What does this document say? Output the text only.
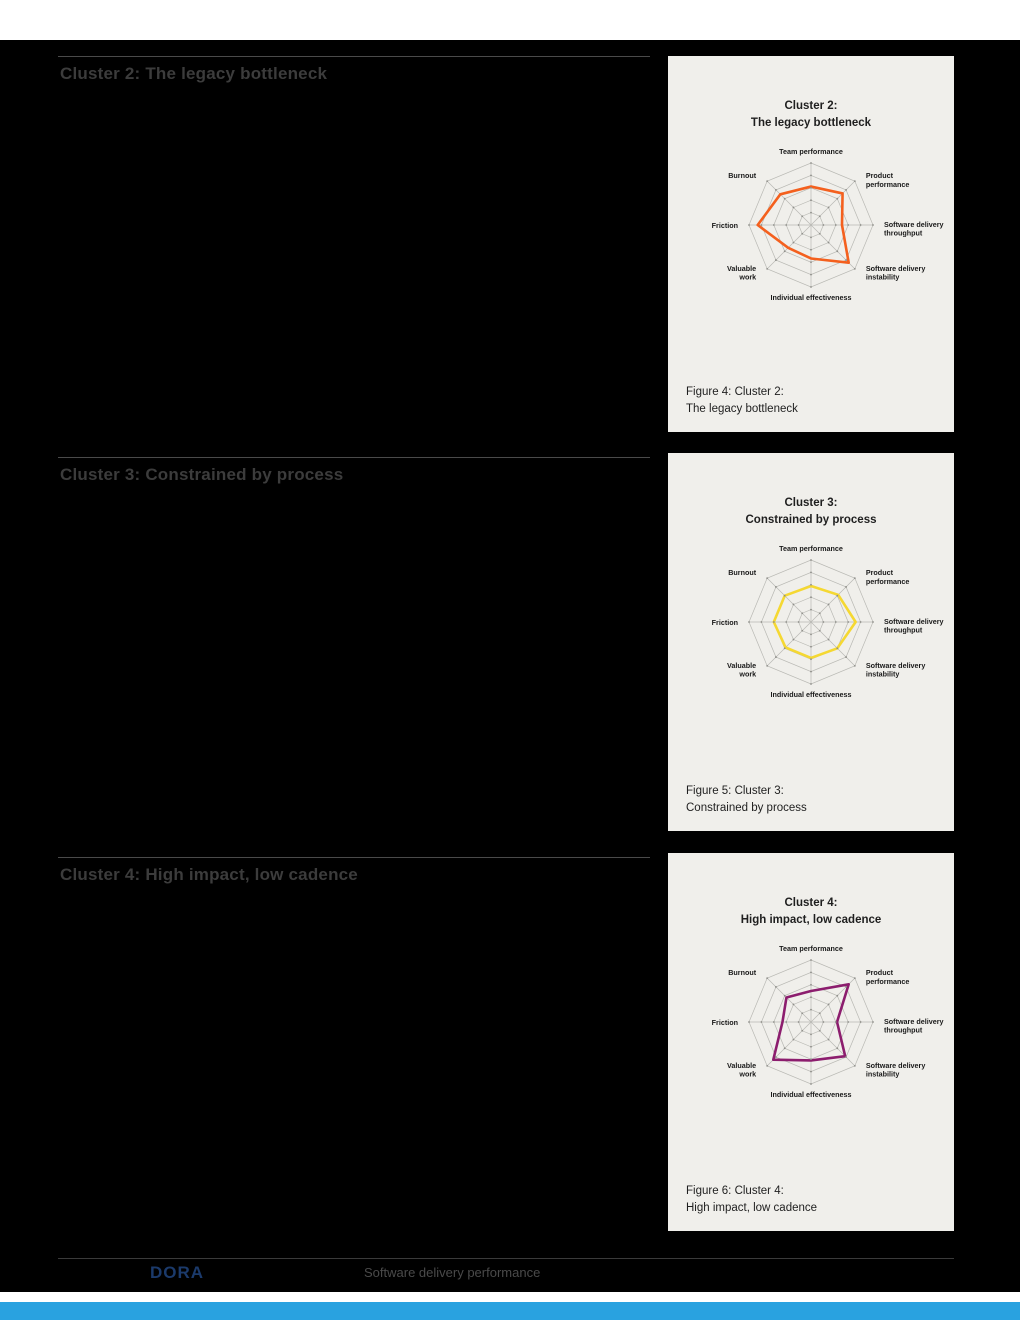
Cluster 2: The legacy bottleneck
Cluster 2:
The legacy bottleneck
Team performance
Product performance
Software delivery throughput
Software delivery instability
Individual effectiveness
Valuable work
Friction
Burnout
Figure 4: Cluster 2:
The legacy bottleneck
Cluster 3: Constrained by process
Cluster 3:
Constrained by process
Team performance
Product performance
Software delivery throughput
Software delivery instability
Individual effectiveness
Valuable work
Friction
Burnout
Figure 5: Cluster 3:
Constrained by process
Cluster 4: High impact, low cadence
Cluster 4:
High impact, low cadence
Team performance
Product performance
Software delivery throughput
Software delivery instability
Individual effectiveness
Valuable work
Friction
Burnout
Figure 6: Cluster 4:
High impact, low cadence
DORA	Software delivery performance
